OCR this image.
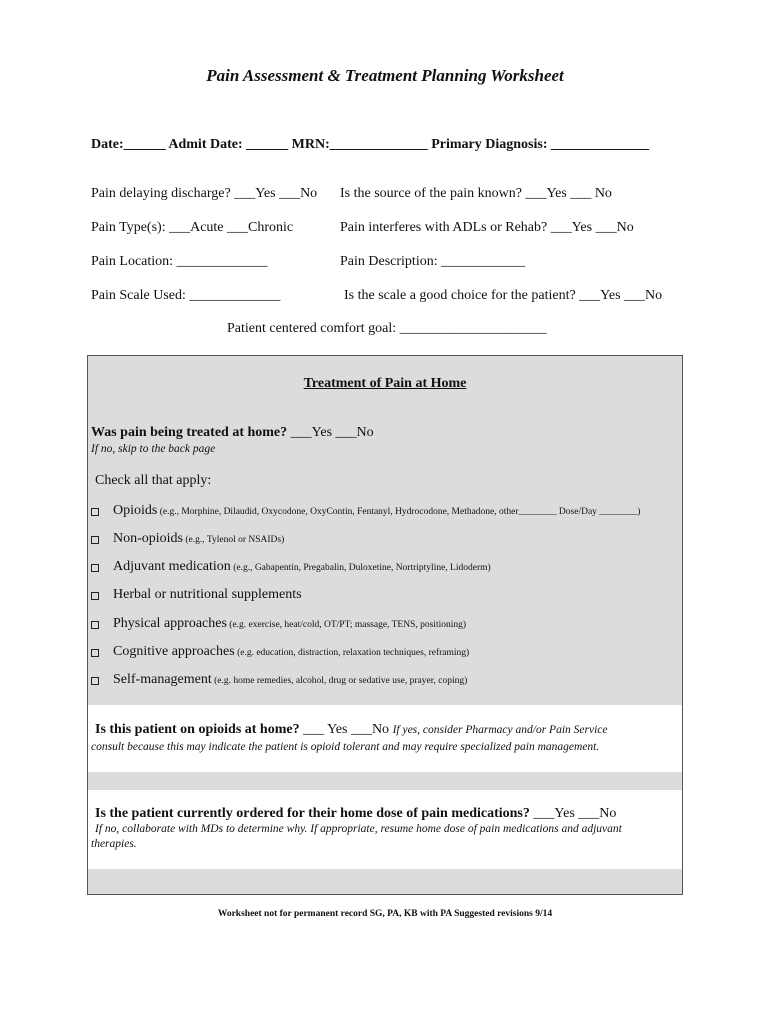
Pain Assessment & Treatment Planning Worksheet
Date:______ Admit Date: ______ MRN:______________ Primary Diagnosis: ______________
Pain delaying discharge? ___Yes ___No
Pain Type(s): ___Acute ___Chronic
Pain Location: _____________
Pain Scale Used: _____________
Is the source of the pain known? ___Yes ___ No
Pain interferes with ADLs or Rehab? ___Yes ___No
Pain Description: ____________
Is the scale a good choice for the patient? ___Yes ___No
Patient centered comfort goal: _____________________
Treatment of Pain at Home
Was pain being treated at home? ___Yes ___No
If no, skip to the back page
Check all that apply:
Opioids (e.g., Morphine, Dilaudid, Oxycodone, OxyContin, Fentanyl, Hydrocodone, Methadone, other________ Dose/Day ________)
Non-opioids (e.g., Tylenol or NSAIDs)
Adjuvant medication (e.g., Gabapentin, Pregabalin, Duloxetine, Nortriptyline, Lidoderm)
Herbal or nutritional supplements
Physical approaches (e.g. exercise, heat/cold, OT/PT; massage, TENS, positioning)
Cognitive approaches (e.g. education, distraction, relaxation techniques, reframing)
Self-management (e.g. home remedies, alcohol, drug or sedative use, prayer, coping)
Is this patient on opioids at home? ___ Yes ___No If yes, consider Pharmacy and/or Pain Service
consult because this may indicate the patient is opioid tolerant and may require specialized pain management.
Is the patient currently ordered for their home dose of pain medications? ___Yes ___No
If no, collaborate with MDs to determine why. If appropriate, resume home dose of pain medications and adjuvant
therapies.
Worksheet not for permanent record SG, PA, KB with PA Suggested revisions 9/14
